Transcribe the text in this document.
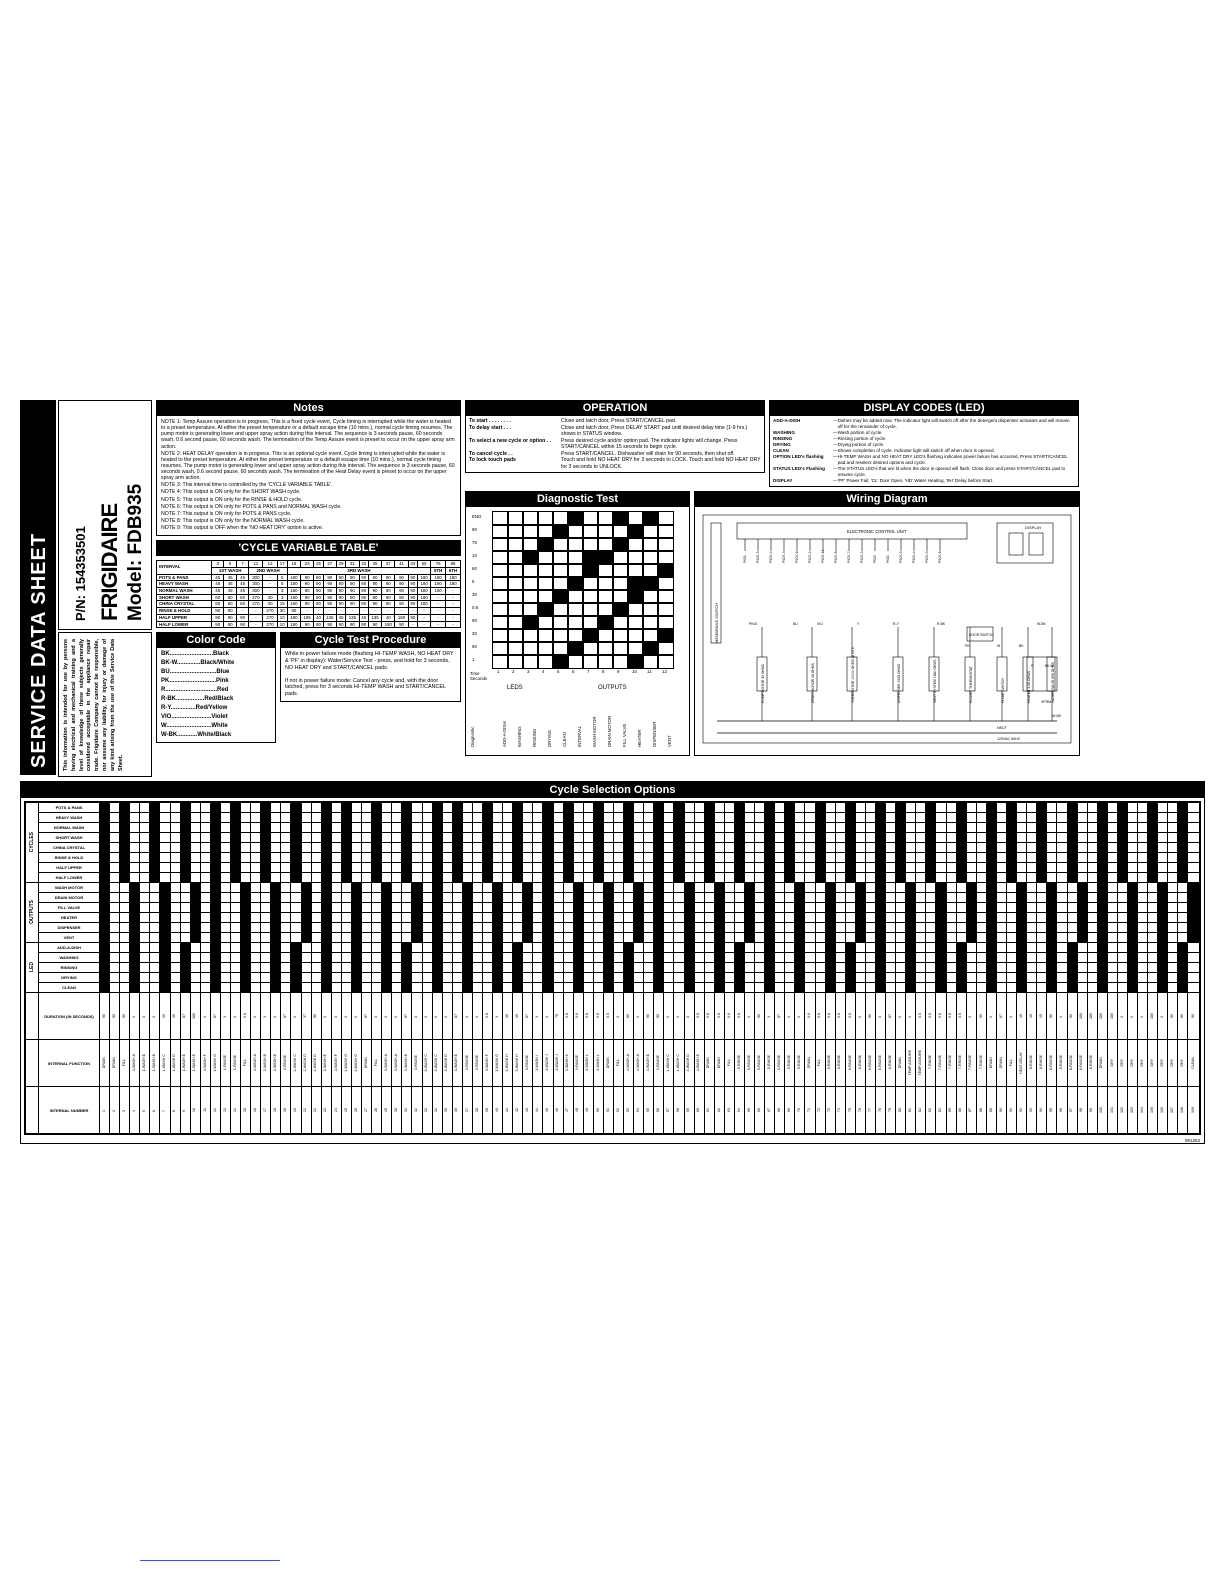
SERVICE DATA SHEET P/N: 154353501 FRIGIDAIRE Model: FDB935
This information is intended for use by persons having electrical and mechanical training and a level of knowledge of these subjects generally considered acceptable in the appliance repair trade. Frigidaire Company cannot be responsible, nor assume any liability, for injury or damage of any kind arising from the use of this Service Data Sheet.
Notes

NOTE 1: Temp Assure operation is in progress, This is a fixed cycle event, Cycle timing is interrupted while the water is heated to a preset temperature. At either the preset temperature or a default escape time (10 mins.), normal cycle timing resumes. The pump motor is generating lower and upper spray action during this interval. The sequence is 3 seconds pause, 60 seconds wash, 0.6 second pause, 60 seconds wash. The termination of the Temp Assure event is preset to occur on the upper spray arm action.

NOTE 2: HEAT DELAY operation is in progress. This is an optional cycle event. Cycle timing is interrupted while the water is heated to the preset temperature. At either the preset temperature or a default escape time (10 mins.), normal cycle timing resumes. The pump motor is generating lower and upper spray action during this interval. The sequence is 3 seconds pause, 60 seconds wash, 0.6 second pause, 60 seconds wash. The termination of the Heat Delay event is preset to occur on the upper spray arm action.

NOTE 3: This interval time is controlled by the 'CYCLE VARIABLE TABLE'.

NOTE 4: This output is ON only for the SHORT WASH cycle.

NOTE 5: This output is ON only for the RINSE & HOLD cycle.

NOTE 6: This output is ON only for POTS & PANS and NORMAL WASH cycle.

NOTE 7: This output is ON only for POTS & PANS cycle.

NOTE 8: This output is ON only for the NORMAL WASH cycle.

NOTE 9: This output is OFF when the 'NO HEAT DRY' option is active.

'CYCLE VARIABLE TABLE'
INTERVAL	3	5	7	11	12	17	18	23	25	27	29	31	33	35	37	41	43	65	76	88
	1ST WASH			2ND WASH			3RD WASH												5TH	6TH
POTS & PANS	45	45	45	300	-	5	180	90	90	90	90	90	90	90	90	90	90	180	180	180
HEAVY WASH	45	45	45	300	-	5	180	90	90	90	90	90	90	90	90	90	90	180	180	180
NORMAL WASH	45	45	45	300	-	3	180	90	90	90	90	90	90	90	90	90	90	180	180	-
SHORT WASH	60	60	60	270	30	3	180	90	90	90	90	90	90	90	90	90	90	180	-	-
CHINA CRYSTAL	60	60	60	270	30	15	180	90	90	90	90	90	90	90	90	90	90	180	-	-
RINSE & HOLD	90	90	-	-	270	30	90	-	-	-	-	-	-	-	-	-	-	-	-	-
HALF UPPER	90	90	90	-	270	10	180	195	40	135	45	135	45	135	40	180	90	-	-	-
HALF LOWER	90	90	90	-	270	10	180	90	90	90	90	90	90	90	180	90	-	-	-	-
Color Code
BK..........................Black
BK-W..............Black/White
BU............................Blue
PK............................Pink
R...............................Red
R-BK.................Red/Black
R-Y...............Red/Yellow
VIO........................Violet
W...........................White
W-BK............White/Black
Cycle Test Procedure

While in power failure mode (flashing HI-TEMP WASH, NO HEAT DRY & 'PF' in display): Water/Service Test - press, and hold for 3 seconds, NO HEAT DRY and START/CANCEL pads.

If not in power failure mode: Cancel any cycle and, with the door latched, press for 3 seconds HI-TEMP WASH and START/CANCEL pads.

OPERATION
To start . . . . . . . .	Close and latch door, Press START/CANCEL pad.
To delay start . . .	Close and latch door, Press DELAY START pad until desired delay time (1-9 hrs.) shows in STATUS window.
To select a new cycle or option . .	Press desired cycle and/or option pad. The indicator lights will change. Press START/CANCEL within 15 seconds to begin cycle.
To cancel cycle . .	Press START/CANCEL. Dishwasher will drain for 90 seconds, then shut off.
To lock touch pads	Touch and hold NO HEAT DRY for 3 seconds to LOCK. Touch and hold NO HEAT DRY for 3 seconds to UNLOCK.
DISPLAY CODES (LED)
ADD-A-DISH	— Dishes may be added now. The indicator light will switch off after the detergent dispenser activates and will remain off for the remainder of cycle.
WASHING	— Wash portion of cycle.
RINSING	— Rinsing portion of cycle.
DRYING	— Drying portion of cycle.
CLEAN	— Shows completion of cycle. Indicator light will switch off when door is opened.
OPTION LED's flashing	— HI-TEMP WASH and NO HEAT DRY LED's flashing indicates power failure has occurred, Press START/CANCEL pad and reselect desired options and cycle.
STATUS LED's Flashing	— The STATUS LED's that are lit when the door is opened will flash, Close door and press START/CANCEL pad to resume cycle.
DISPLAY	— 'PF' Power Fail, 'CL' Door Open, 'HD' Water Heating, '8H' Delay before Start.
Diagnostic Test
Diagnostic
END
90
75
10
60
5
30
0.6
90
30
60
1
1	2	3	4	5	6	7	8	9	10 11 12
Time Seconds
ADD-A-DISH WASHING RINSING DRYING CLEAN INTERVAL WASH MOTOR DRAIN MOTOR FILL VALVE HEATER DISPENSER VENT
LEDS	OUTPUTS
Wiring Diagram
MEMBRANE SWITCH
ELECTRONIC CONTROL UNIT
DISPLAY
PK01	PSCK-5	PSCK-4	PSCK-3	PSCK-6	PSCK-2	PSCK-10	PSCK-8	PSCK-7	PSCK-9	PK02	PK01	PSCK-5	PSCK-4	PSCK-3	PSCK-6
PUMP MOTOR 43 OHMS	DRAIN MOTOR 28 OHMS	THERMISTOR 10000 OHMS @ 25 C	DISPENSER 1928 OHMS	VENT SYSTEM 1880 OHMS	HI-LIMIT THERMOSTAT	FLOAT SWITCH	HEATER 9.28 OHMS	WATER VALVE 696 OHMS
NEUT
120VAC 60HZ
W-BK
XFRM
R	BK-W
DOOR SWITCH
PK02	BU	VIO	Y	R-Y	R-BK
PK	W	BK
W-BK
Cycle Selection Options
CYCLES	POTS & PANS																																																																																																													
HEAVY WASH																																																																																																													
NORMAL WASH																																																																																																													
SHORT WASH																																																																																																													
CHINA CRYSTAL																																																																																																													
RINSE & HOLD																																																																																																													
HALF UPPER																																																																																																													
HALF LOWER																																																																																																													
OUTPUTS	WASH MOTOR																																																																																																													
DRAIN MOTOR																																																																																																													
FILL VALVE																																																																																																													
HEATER																																																																																																													
DISPENSER																																																																																																													
VENT																																																																																																													
LED	ADD-A-DISH																																																																																																													
WASHING																																																																																																													
RINSING																																																																																																													
DRYING																																																																																																													
CLEAN																																																																																																													
	DURATION (IN SECONDS)	90	90	90	3	3	3	30	30	87	180	3	87	3	3	0.6	3	3	3	87	3	37	90	3	3	3	3	87	3	3	3	87	3	3	3	3	87	3	3	0.6	3	30	30	87	3	3	75	0.6	0.6	0.6	0.6	0.6	3	60	3	90	90	3	3	3	0.6	0.6	0.6	0.6	0.6	3	90	3	87	3	3	0.6	0.6	0.6	0.6	0.6	3	90	3	87	3	3	0.6	0.6	0.6	0.6	0.6	3	90	3	87	3	15	15	15	90	3	90	180	180	180	180	3	3	3	180	3	90	60	90
	INTERNAL FUNCTION	DRAIN	DRAIN	FILL	1-WASH A	1-WASH B	1-WASH B	1-WASH C	1-WASH D	1-WASH E	1-WASH E	1-WASH F	1-WASH G	1-PAUSE	1-PAUSE	FILL	2-WASH A	2-WASH B	2-WASH B	2-PAUSE	2-WASH C	2-WASH D	2-WASH D	2-WASH E	2-WASH F	2-WASH G	2-WASH G	DRAIN	FILL	3-WASH A	3-WASH A	3-WASH B	3-PAUSE	3-WASH C	3-WASH C	3-WASH D	3-WASH E	3-PAUSE	3-PAUSE	3-WASH F	3-WASH G	3-WASH H	3-WASH H	3-PAUSE	3-WASH I	3-WASH J	3-WASH J	3-WASH K	3-PAUSE	3-WASH L	3-WASH L	DRAIN	FILL	4-WASH A	4-WASH A	4-WASH B	4-PAUSE	4-WASH C	4-WASH C	4-WASH D	4-WASH E	DRAIN	DRAIN	FILL	5-RINSE	5-PAUSE	5-PAUSE	5-RINSE	5-PAUSE	5-RINSE	5-RINSE	DRAIN	FILL	6-RINSE	6-RINSE	6-PAUSE	6-RINSE	6-PAUSE	6-PAUSE	6-RINSE	DRAIN	TEMP ASSURE	TEMP ASSURE	7-RINSE	7-PAUSE	7-RINSE	7-RINSE	7-PAUSE	7-RINSE	DRAIN	DRAIN	FILL	HEAT DELAY	8-RINSE	8-RINSE	8-PAUSE	8-RINSE	8-PAUSE	8-PAUSE	8-RINSE	DRAIN	DRY	DRY	DRY	DRY	DRY	DRY	DRY	DRY	CLEAN
	INTERNAL NUMBER	1	2	3	4	5	6	7	8	9	10	11	12	13	14	15	16	17	18	19	20	21	22	23	24	25	26	27	28	29	30	31	32	33	34	35	36	37	38	39	40	41	42	43	44	45	46	47	48	49	50	51	52	53	54	55	56	57	58	59	60	61	62	63	64	65	66	67	68	69	70	71	72	73	74	75	76	77	78	79	80	81	82	83	84	85	86	87	88	89	90	91	92	93	94	95	96	97	98	99	100	101	102	103	104	105	106	107	108	109
991253
